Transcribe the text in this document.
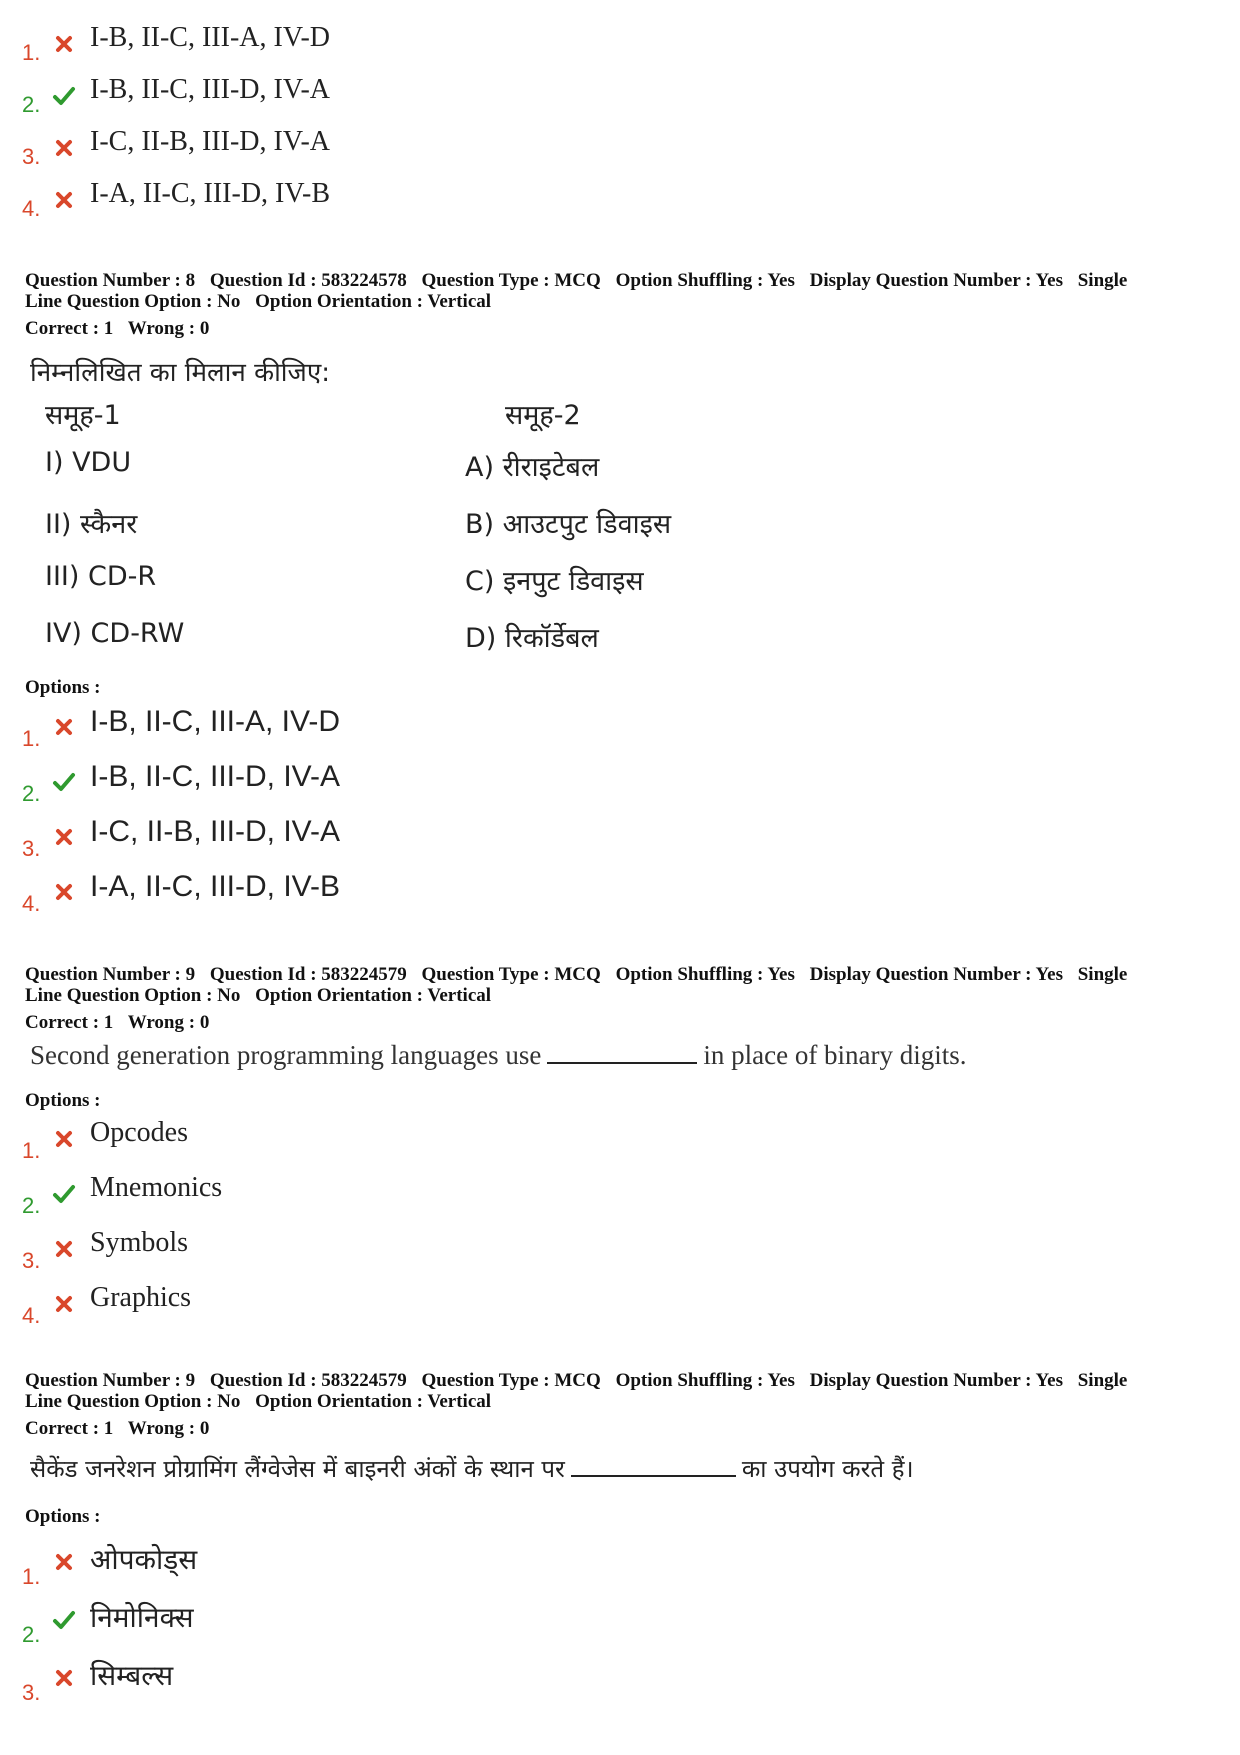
1. I-B, II-C, III-A, IV-D
2. I-B, II-C, III-D, IV-A
3. I-C, II-B, III-D, IV-A
4. I-A, II-C, III-D, IV-B
Question Number : 8 Question Id : 583224578 Question Type : MCQ Option Shuffling : Yes Display Question Number : Yes Single
Line Question Option : No Option Orientation : Vertical
Correct : 1 Wrong : 0
निम्नलिखित का मिलान कीजिए:
समूह-1
I) VDU
II) स्कैनर
III) CD-R
IV) CD-RW
समूह-2
A) रीराइटेबल
B) आउटपुट डिवाइस
C) इनपुट डिवाइस
D) रिकॉर्डेबल
Options :
1.
I-B, II-C, III-A, IV-D
2.
I-B, II-C, III-D, IV-A
3.
I-C, II-B, III-D, IV-A
4.
I-A, II-C, III-D, IV-B
Question Number : 9 Question Id : 583224579 Question Type : MCQ Option Shuffling : Yes Display Question Number : Yes Single
Line Question Option : No Option Orientation : Vertical
Correct : 1 Wrong : 0
Second generation programming languages use	in place of binary digits.
Options :
1.
Opcodes
2.
Mnemonics
3.
Symbols
4.
Graphics
Question Number : 9 Question Id : 583224579 Question Type : MCQ Option Shuffling : Yes Display Question Number : Yes Single
Line Question Option : No Option Orientation : Vertical
Correct : 1 Wrong : 0
सैकेंड जनरेशन प्रोग्रामिंग लैंग्वेजेस में बाइनरी अंकों के स्थान पर	का उपयोग करते हैं।
Options :
1.
ओपकोड्स
2.
निमोनिक्स
3.
सिम्बल्स
